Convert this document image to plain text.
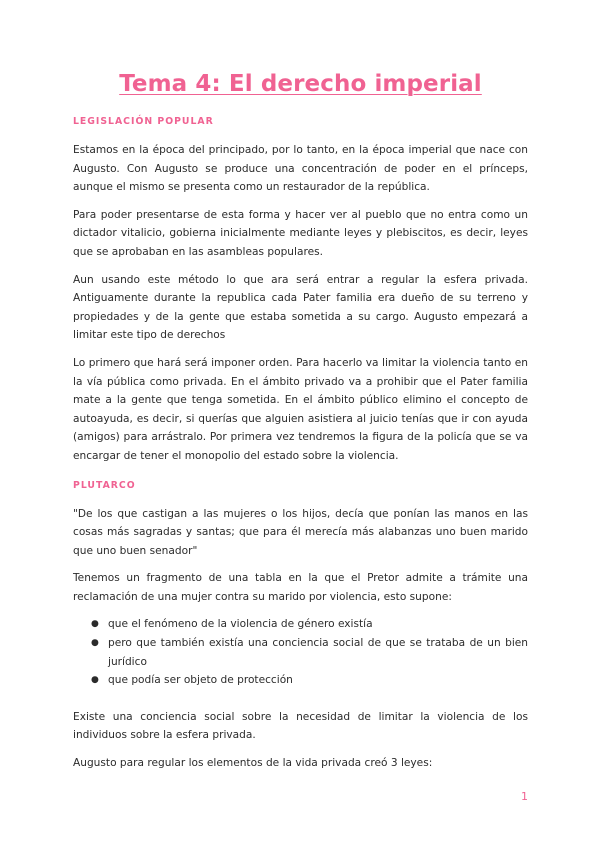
Tema 4: El derecho imperial
LEGISLACIÓN POPULAR

Estamos en la época del principado, por lo tanto, en la época imperial que nace con Augusto. Con Augusto se produce una concentración de poder en el prínceps, aunque el mismo se presenta como un restaurador de la república.

Para poder presentarse de esta forma y hacer ver al pueblo que no entra como un dictador vitalicio, gobierna inicialmente mediante leyes y plebiscitos, es decir, leyes que se aprobaban en las asambleas populares.

Aun usando este método lo que ara será entrar a regular la esfera privada. Antiguamente durante la republica cada Pater familia era dueño de su terreno y propiedades y de la gente que estaba sometida a su cargo. Augusto empezará a limitar este tipo de derechos

Lo primero que hará será imponer orden. Para hacerlo va limitar la violencia tanto en la vía pública como privada. En el ámbito privado va a prohibir que el Pater familia mate a la gente que tenga sometida. En el ámbito público elimino el concepto de autoayuda, es decir, si querías que alguien asistiera al juicio tenías que ir con ayuda (amigos) para arrástralo. Por primera vez tendremos la figura de la policía que se va encargar de tener el monopolio del estado sobre la violencia.

PLUTARCO

"De los que castigan a las mujeres o los hijos, decía que ponían las manos en las cosas más sagradas y santas; que para él merecía más alabanzas uno buen marido que uno buen senador"

Tenemos un fragmento de una tabla en la que el Pretor admite a trámite una reclamación de una mujer contra su marido por violencia, esto supone:

● que el fenómeno de la violencia de género existía
● pero que también existía una conciencia social de que se trataba de un bien jurídico
● que podía ser objeto de protección

Existe una conciencia social sobre la necesidad de limitar la violencia de los individuos sobre la esfera privada.

Augusto para regular los elementos de la vida privada creó 3 leyes:

1
